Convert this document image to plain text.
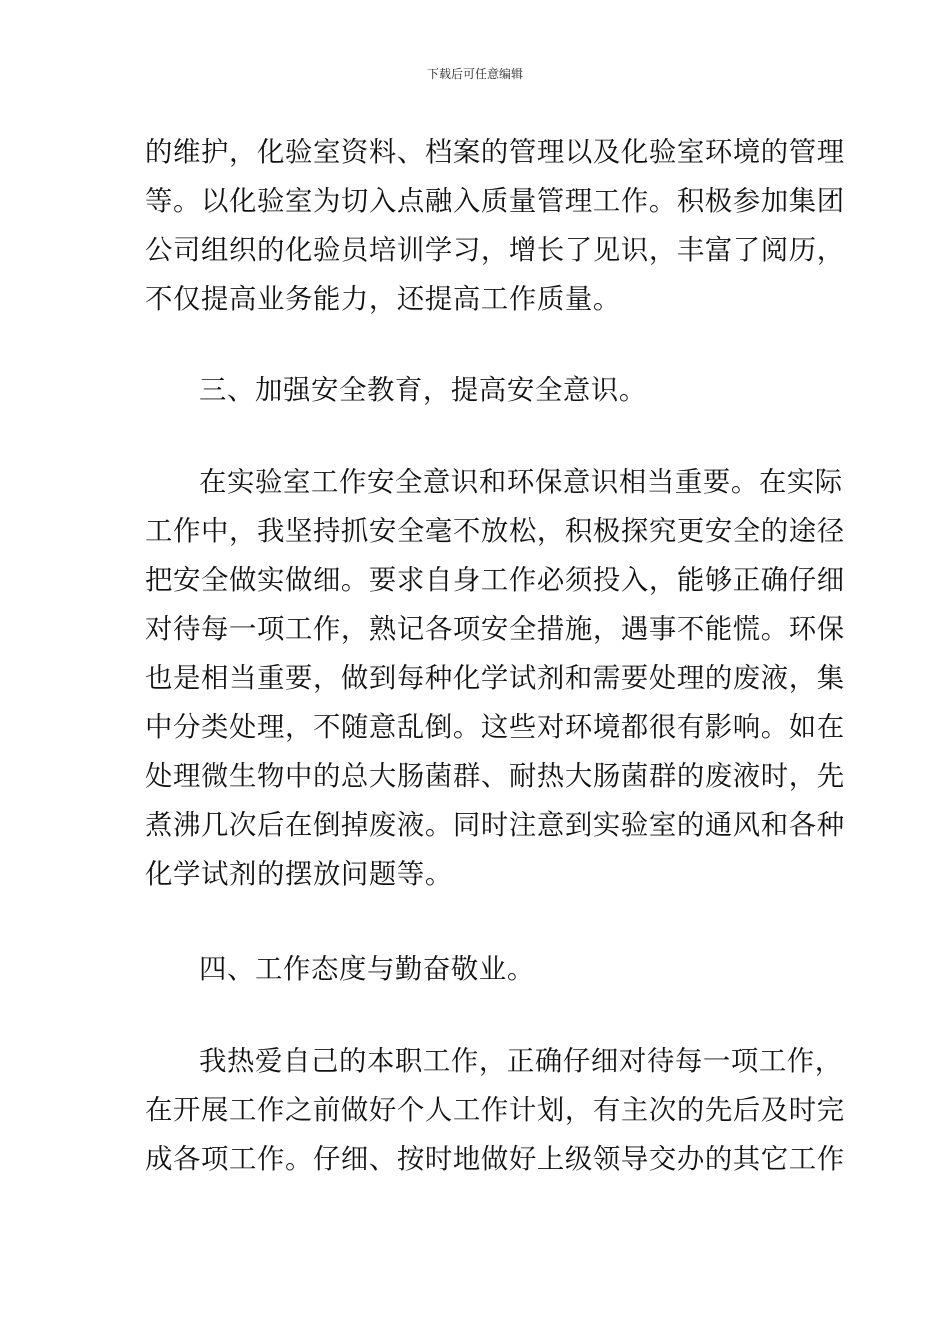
下载后可任意编辑

的维护，化验室资料、档案的管理以及化验室环境的管理
等。以化验室为切入点融入质量管理工作。积极参加集团
公司组织的化验员培训学习，增长了见识，丰富了阅历，
不仅提高业务能力，还提高工作质量。

三、加强安全教育，提高安全意识。

在实验室工作安全意识和环保意识相当重要。在实际
工作中，我坚持抓安全毫不放松，积极探究更安全的途径
把安全做实做细。要求自身工作必须投入，能够正确仔细
对待每一项工作，熟记各项安全措施，遇事不能慌。环保
也是相当重要，做到每种化学试剂和需要处理的废液，集
中分类处理，不随意乱倒。这些对环境都很有影响。如在
处理微生物中的总大肠菌群、耐热大肠菌群的废液时，先
煮沸几次后在倒掉废液。同时注意到实验室的通风和各种
化学试剂的摆放问题等。

四、工作态度与勤奋敬业。

我热爱自己的本职工作，正确仔细对待每一项工作，
在开展工作之前做好个人工作计划，有主次的先后及时完
成各项工作。仔细、按时地做好上级领导交办的其它工作
